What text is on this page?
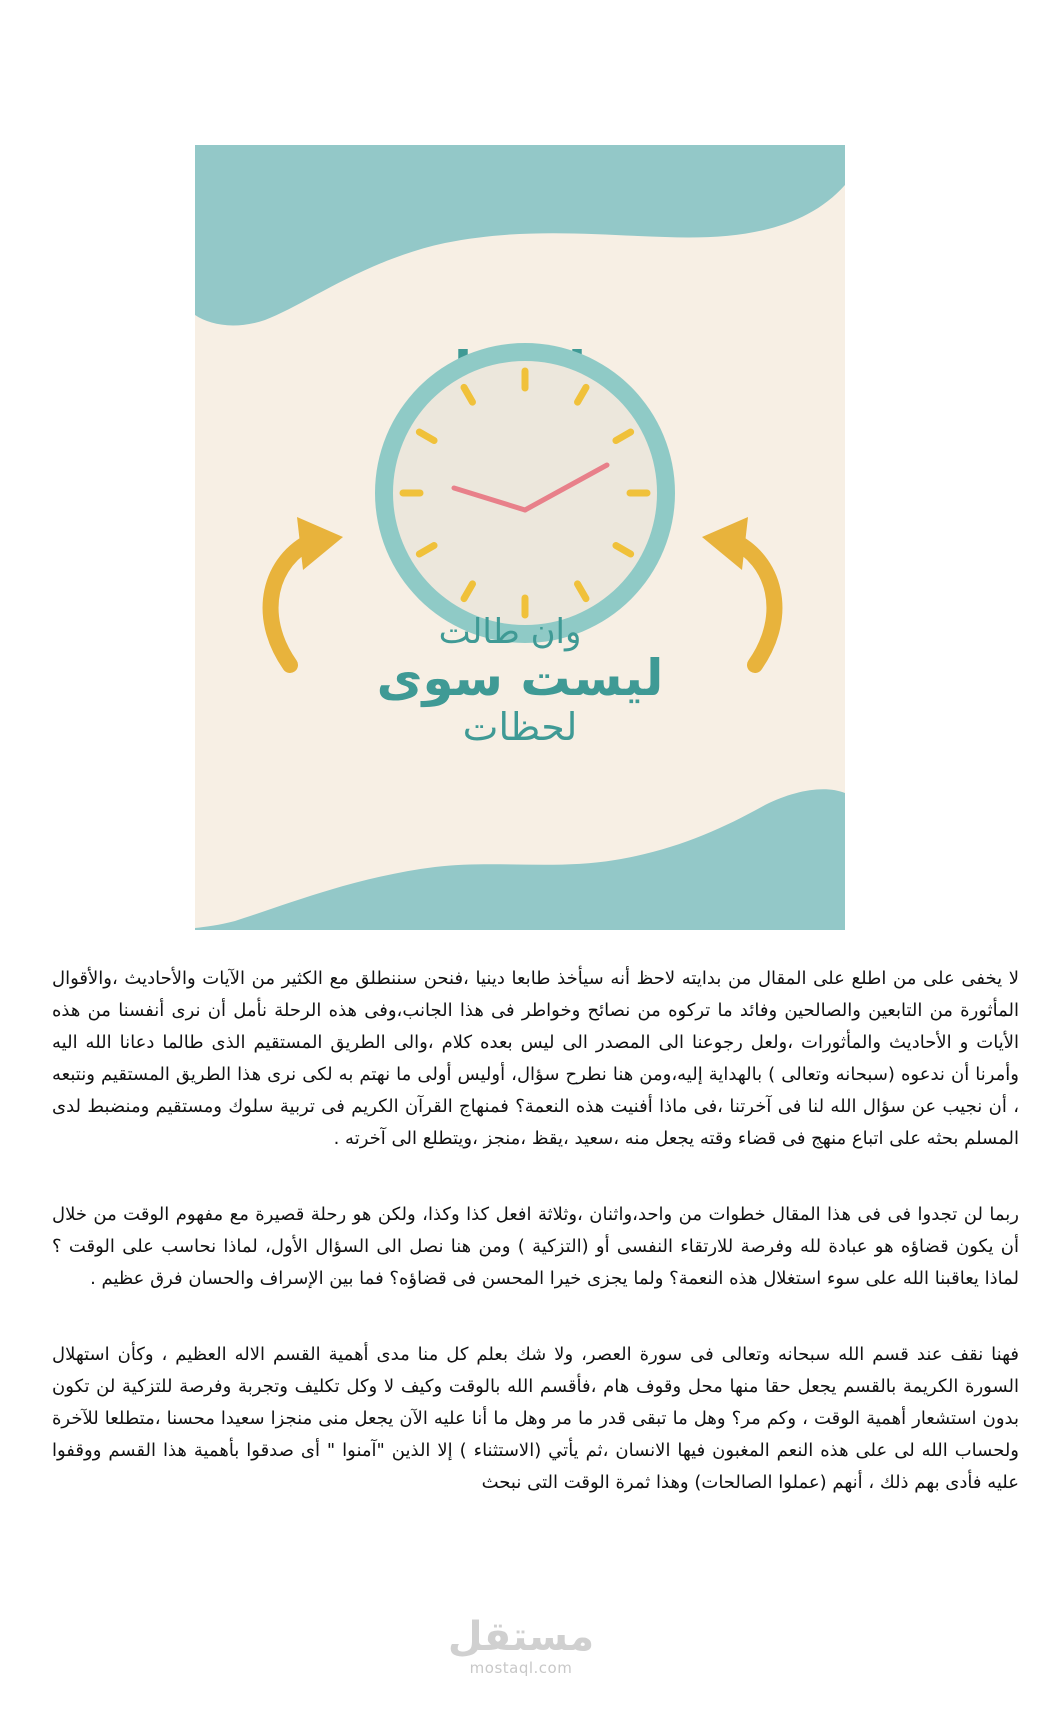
وان طالت
ليست سوى
لحظات

لا يخفى على من اطلع على المقال من بدايته لاحظ أنه سيأخذ طابعا دينيا ،فنحن سننطلق مع الكثير من الآيات والأحاديث ،والأقوال المأثورة من التابعين والصالحين وفائد ما تركوه من نصائح وخواطر فى هذا الجانب،وفى هذه الرحلة نأمل أن نرى أنفسنا من هذه الأيات و الأحاديث والمأثورات ،ولعل رجوعنا الى المصدر الى ليس بعده كلام ،والى الطريق المستقيم الذى طالما دعانا الله اليه وأمرنا أن ندعوه (سبحانه وتعالى ) بالهداية إليه،ومن هنا نطرح سؤال، أوليس أولى ما نهتم به لكى نرى هذا الطريق المستقيم ونتبعه ، أن نجيب عن سؤال الله لنا فى آخرتنا ،فى ماذا أفنيت هذه النعمة؟ فمنهاج القرآن الكريم فى تربية سلوك ومستقيم ومنضبط لدى المسلم بحثه على اتباع منهج فى قضاء وقته يجعل منه ،سعيد ،يقظ ،منجز ،ويتطلع الى آخرته .

ربما لن تجدوا فى فى هذا المقال خطوات من واحد،واثنان ،وثلاثة افعل كذا وكذا، ولكن هو رحلة قصيرة مع مفهوم الوقت من خلال أن يكون قضاؤه هو عبادة لله وفرصة للارتقاء النفسى أو (التزكية ) ومن هنا نصل الى السؤال الأول، لماذا نحاسب على الوقت ؟ لماذا يعاقبنا الله على سوء استغلال هذه النعمة؟ ولما يجزى خيرا المحسن فى قضاؤه؟ فما بين الإسراف والحسان فرق عظيم .

فهنا نقف عند قسم الله سبحانه وتعالى فى سورة العصر، ولا شك بعلم كل منا مدى أهمية القسم الاله العظيم ، وكأن استهلال السورة الكريمة بالقسم يجعل حقا منها محل وقوف هام ،فأقسم الله بالوقت وكيف لا وكل تكليف وتجربة وفرصة للتزكية لن تكون بدون استشعار أهمية الوقت ، وكم مر؟ وهل ما تبقى قدر ما مر وهل ما أنا عليه الآن يجعل منى منجزا سعيدا محسنا ،متطلعا للآخرة ولحساب الله لى على هذه النعم المغبون فيها الانسان ،ثم يأتي (الاستثناء ) إلا الذين "آمنوا " أى صدقوا بأهمية هذا القسم ووقفوا عليه فأدى بهم ذلك ، أنهم (عملوا الصالحات) وهذا ثمرة الوقت التى نبحث

مستقل
mostaql.com
